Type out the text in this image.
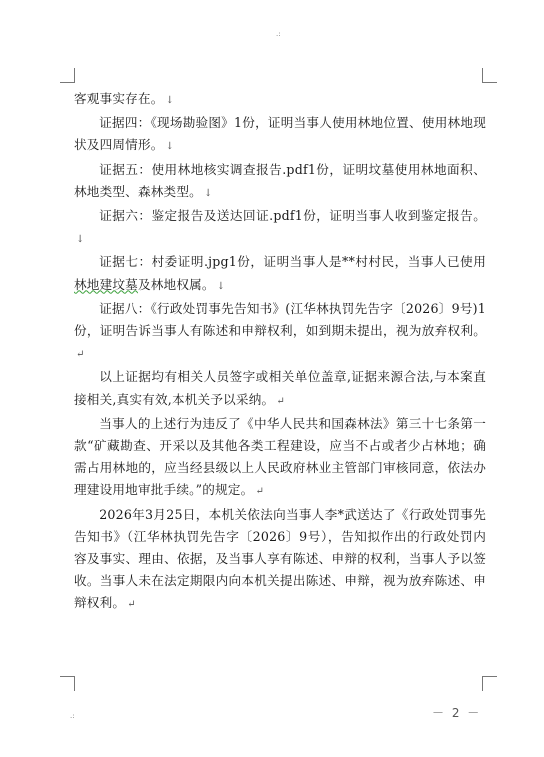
.:

客观事实存在。 ↓

证据四：《现场勘验图》1份，证明当事人使用林地位置、使用林地现状及四周情形。 ↓

证据五：使用林地核实调查报告.pdf1份，证明坟墓使用林地面积、林地类型、森林类型。 ↓

证据六：鉴定报告及送达回证.pdf1份，证明当事人收到鉴定报告。↓

证据七：村委证明.jpg1份，证明当事人是**村村民，当事人已使用林地建坟墓及林地权属。 ↓

证据八：《行政处罚事先告知书》(江华林执罚先告字〔2026〕9号)1份，证明告诉当事人有陈述和申辩权利，如到期未提出，视为放弃权利。↵

以上证据均有相关人员签字或相关单位盖章,证据来源合法,与本案直接相关,真实有效,本机关予以采纳。 ↵

当事人的上述行为违反了《中华人民共和国森林法》第三十七条第一款“矿藏勘查、开采以及其他各类工程建设，应当不占或者少占林地；确需占用林地的，应当经县级以上人民政府林业主管部门审核同意，依法办理建设用地审批手续。”的规定。 ↵

2026年3月25日，本机关依法向当事人李*武送达了《行政处罚事先告知书》（江华林执罚先告字〔2026〕9号），告知拟作出的行政处罚内容及事实、理由、依据，及当事人享有陈述、申辩的权利，当事人予以签收。当事人未在法定期限内向本机关提出陈述、申辩，视为放弃陈述、申辩权利。 ↵

.:	－ 2 －
